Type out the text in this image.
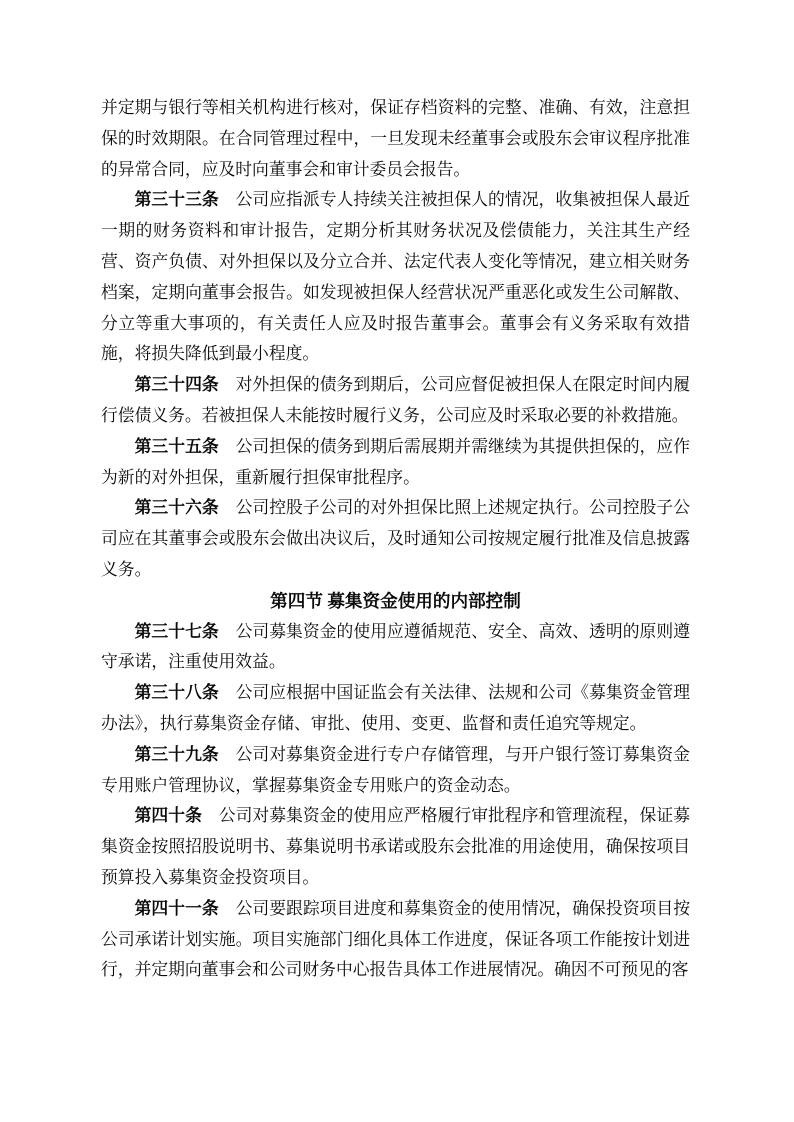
并定期与银行等相关机构进行核对，保证存档资料的完整、准确、有效，注意担保的时效期限。在合同管理过程中，一旦发现未经董事会或股东会审议程序批准的异常合同，应及时向董事会和审计委员会报告。

第三十三条 公司应指派专人持续关注被担保人的情况，收集被担保人最近一期的财务资料和审计报告，定期分析其财务状况及偿债能力，关注其生产经营、资产负债、对外担保以及分立合并、法定代表人变化等情况，建立相关财务档案，定期向董事会报告。如发现被担保人经营状况严重恶化或发生公司解散、分立等重大事项的，有关责任人应及时报告董事会。董事会有义务采取有效措施，将损失降低到最小程度。

第三十四条 对外担保的债务到期后，公司应督促被担保人在限定时间内履行偿债义务。若被担保人未能按时履行义务，公司应及时采取必要的补救措施。

第三十五条 公司担保的债务到期后需展期并需继续为其提供担保的，应作为新的对外担保，重新履行担保审批程序。

第三十六条 公司控股子公司的对外担保比照上述规定执行。公司控股子公司应在其董事会或股东会做出决议后，及时通知公司按规定履行批准及信息披露义务。

第四节 募集资金使用的内部控制

第三十七条 公司募集资金的使用应遵循规范、安全、高效、透明的原则遵守承诺，注重使用效益。

第三十八条 公司应根据中国证监会有关法律、法规和公司《募集资金管理办法》，执行募集资金存储、审批、使用、变更、监督和责任追究等规定。

第三十九条 公司对募集资金进行专户存储管理，与开户银行签订募集资金专用账户管理协议，掌握募集资金专用账户的资金动态。

第四十条 公司对募集资金的使用应严格履行审批程序和管理流程，保证募集资金按照招股说明书、募集说明书承诺或股东会批准的用途使用，确保按项目预算投入募集资金投资项目。

第四十一条 公司要跟踪项目进度和募集资金的使用情况，确保投资项目按公司承诺计划实施。项目实施部门细化具体工作进度，保证各项工作能按计划进行，并定期向董事会和公司财务中心报告具体工作进展情况。确因不可预见的客
